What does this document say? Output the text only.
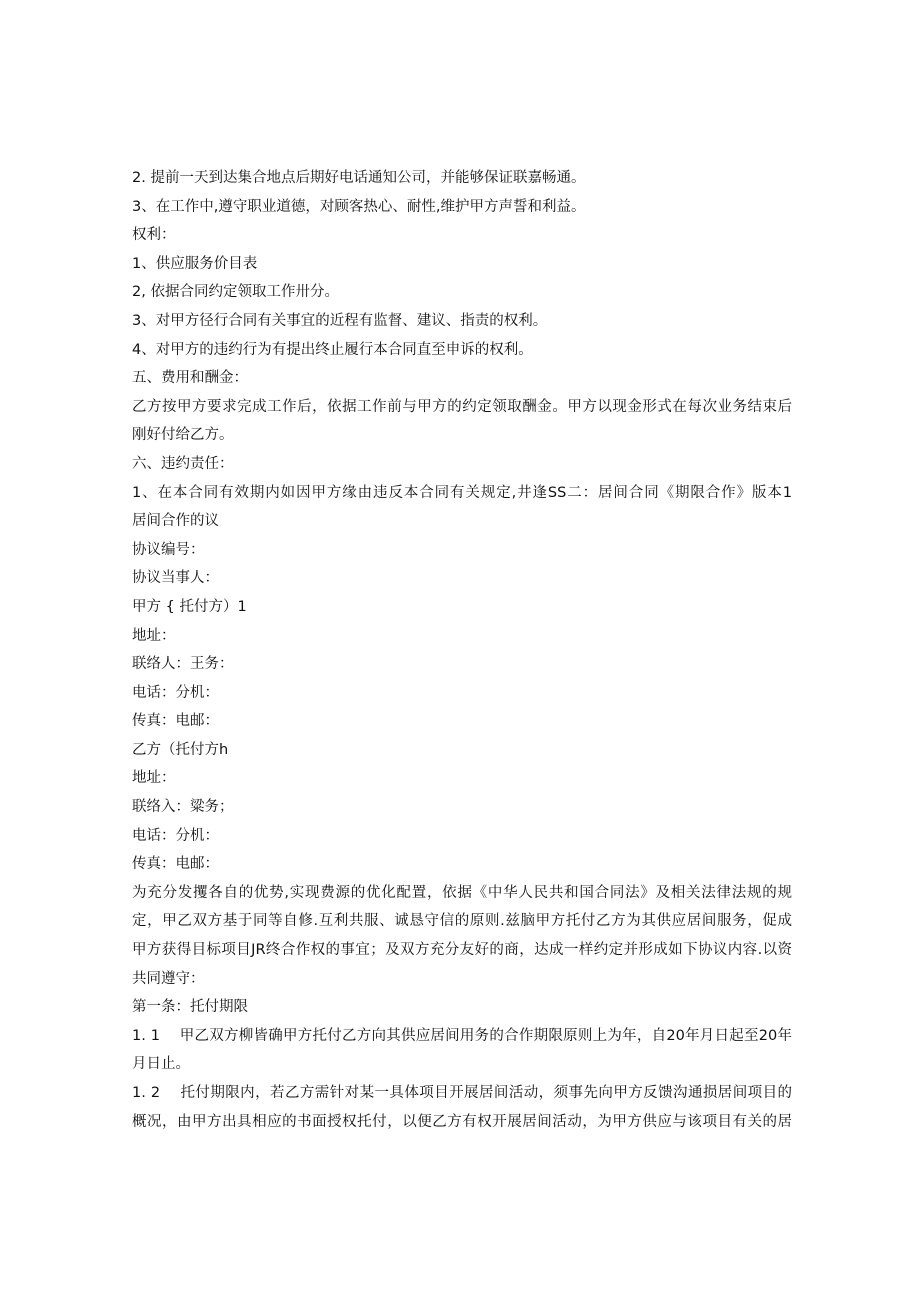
2. 提前一天到达集合地点后期好电话通知公司，并能够保证联嘉畅通。
3、在工作中,遵守职业道德，对顾客热心、耐性,维护甲方声誓和利益。
权利：
1、供应服务价目表
2, 依据合同约定领取工作卅分。
3、对甲方径行合同有关事宜的近程有监督、建议、指责的权利。
4、对甲方的违约行为有提出终止履行本合同直至申诉的权利。
五、费用和酬金：
乙方按甲方要求完成工作后，依据工作前与甲方的约定领取酬金。甲方以现金形式在每次业务结束后
刚好付给乙方。
六、违约责任：
1、在本合同有效期内如因甲方缘由违反本合同有关规定,井逢SS二：居间合同《期限合作》版本1
居间合作的议
协议编号：
协议当事人：
甲方 { 托付方）1
地址：
联络人：王务：
电话：分机：
传真：电邮：
乙方（托付方h
地址：
联络入：粱务；
电话：分机：
传真：电邮：
为充分发攫各自的优势,实现费源的优化配置，依据《中华人民共和国合同法》及相关法律法规的规
定，甲乙双方基于同等自修.互利共服、诚恳守信的原则.兹脑甲方托付乙方为其供应居间服务，促成
甲方获得目标项目JR终合作权的事宜；及双方充分友好的商，达成一样约定并形成如下协议内容.以资
共同遵守：
第一条：托付期限
1. 1　 甲乙双方柳皆确甲方托付乙方向其供应居间用务的合作期限原则上为年，自20年月日起至20年
月日止。
1. 2　 托付期限内，若乙方需针对某一具体项目开展居间活动，须事先向甲方反馈沟通损居间项目的
概况，由甲方出具相应的书面授权托付，以便乙方有权开展居间活动，为甲方供应与该项目有关的居
